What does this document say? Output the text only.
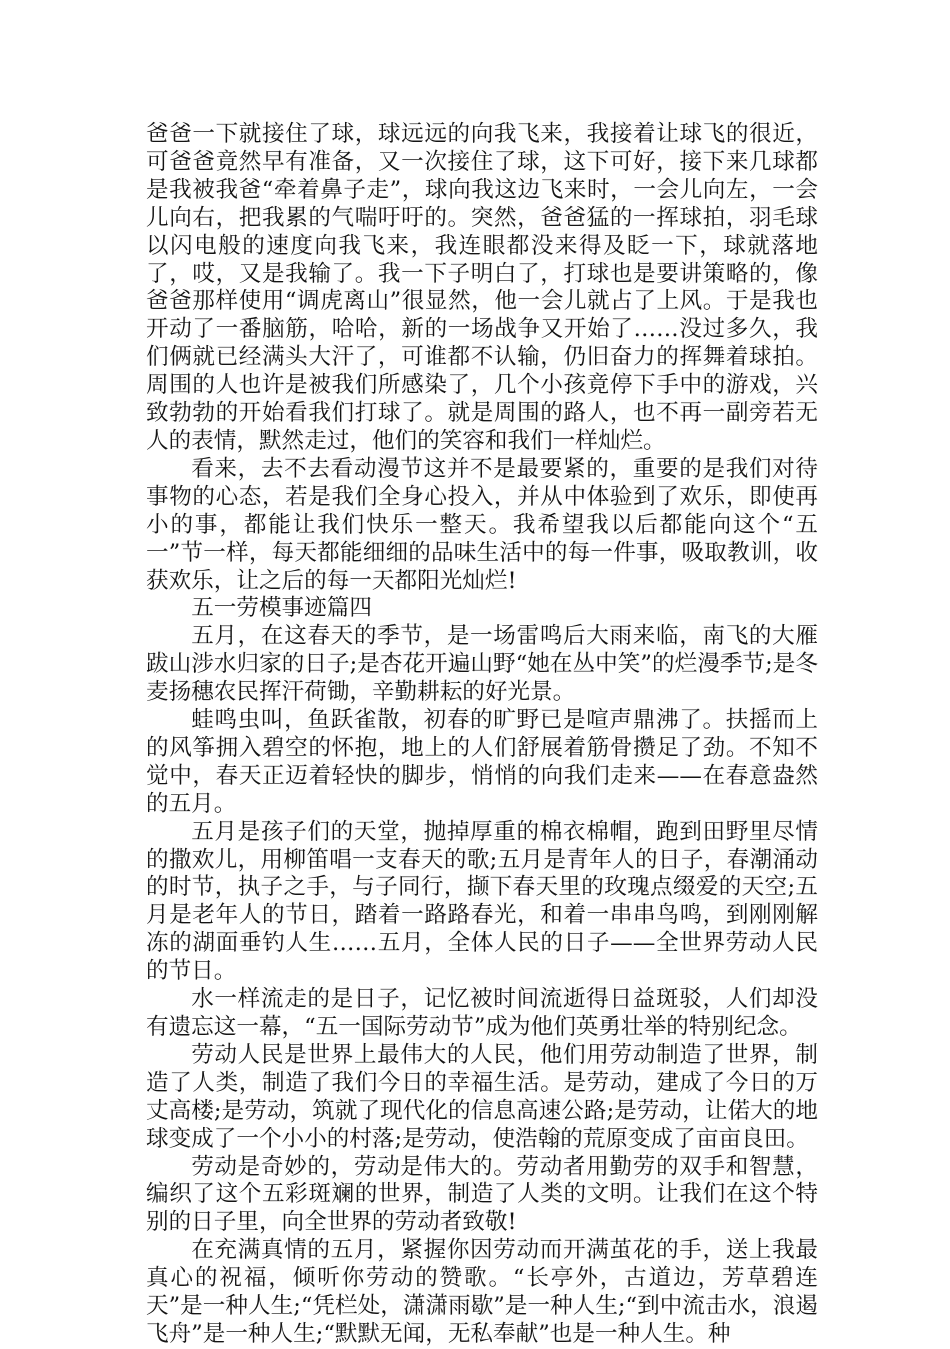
爸爸一下就接住了球，球远远的向我飞来，我接着让球飞的很近，可爸爸竟然早有准备，又一次接住了球，这下可好，接下来几球都是我被我爸“牵着鼻子走”，球向我这边飞来时，一会儿向左，一会儿向右，把我累的气喘吁吁的。突然，爸爸猛的一挥球拍，羽毛球以闪电般的速度向我飞来，我连眼都没来得及眨一下，球就落地了，哎，又是我输了。我一下子明白了，打球也是要讲策略的，像爸爸那样使用“调虎离山”很显然，他一会儿就占了上风。于是我也开动了一番脑筋，哈哈，新的一场战争又开始了……没过多久，我们俩就已经满头大汗了，可谁都不认输，仍旧奋力的挥舞着球拍。周围的人也许是被我们所感染了，几个小孩竟停下手中的游戏，兴致勃勃的开始看我们打球了。就是周围的路人，也不再一副旁若无人的表情，默然走过，他们的笑容和我们一样灿烂。

看来，去不去看动漫节这并不是最要紧的，重要的是我们对待事物的心态，若是我们全身心投入，并从中体验到了欢乐，即使再小的事，都能让我们快乐一整天。我希望我以后都能向这个“五一”节一样，每天都能细细的品味生活中的每一件事，吸取教训，收获欢乐，让之后的每一天都阳光灿烂!

五一劳模事迹篇四

五月，在这春天的季节，是一场雷鸣后大雨来临，南飞的大雁跋山涉水归家的日子;是杏花开遍山野“她在丛中笑”的烂漫季节;是冬麦扬穗农民挥汗荷锄，辛勤耕耘的好光景。

蛙鸣虫叫，鱼跃雀散，初春的旷野已是喧声鼎沸了。扶摇而上的风筝拥入碧空的怀抱，地上的人们舒展着筋骨攒足了劲。不知不觉中，春天正迈着轻快的脚步，悄悄的向我们走来——在春意盎然的五月。

五月是孩子们的天堂，抛掉厚重的棉衣棉帽，跑到田野里尽情的撒欢儿，用柳笛唱一支春天的歌;五月是青年人的日子，春潮涌动的时节，执子之手，与子同行，撷下春天里的玫瑰点缀爱的天空;五月是老年人的节日，踏着一路路春光，和着一串串鸟鸣，到刚刚解冻的湖面垂钓人生……五月，全体人民的日子——全世界劳动人民的节日。

水一样流走的是日子，记忆被时间流逝得日益斑驳，人们却没有遗忘这一幕，“五一国际劳动节”成为他们英勇壮举的特别纪念。

劳动人民是世界上最伟大的人民，他们用劳动制造了世界，制造了人类，制造了我们今日的幸福生活。是劳动，建成了今日的万丈高楼;是劳动，筑就了现代化的信息高速公路;是劳动，让偌大的地球变成了一个小小的村落;是劳动，使浩翰的荒原变成了亩亩良田。

劳动是奇妙的，劳动是伟大的。劳动者用勤劳的双手和智慧，编织了这个五彩斑斓的世界，制造了人类的文明。让我们在这个特别的日子里，向全世界的劳动者致敬!

在充满真情的五月，紧握你因劳动而开满茧花的手，送上我最真心的祝福，倾听你劳动的赞歌。“长亭外，古道边，芳草碧连天”是一种人生;“凭栏处，潇潇雨歇”是一种人生;“到中流击水，浪遏飞舟”是一种人生;“默默无闻，无私奉献”也是一种人生。种
